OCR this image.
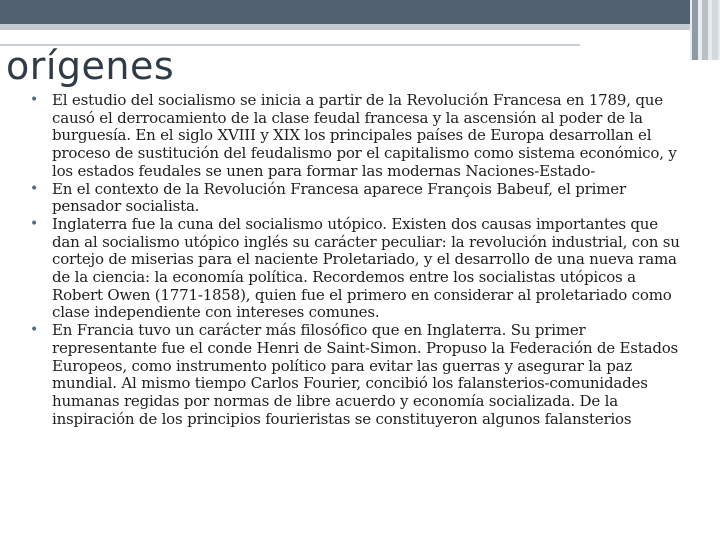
orígenes
• El estudio del socialismo se inicia a partir de la Revolución Francesa en 1789, que causó el derrocamiento de la clase feudal francesa y la ascensión al poder de la burguesía. En el siglo XVIII y XIX los principales países de Europa desarrollan el proceso de sustitución del feudalismo por el capitalismo como sistema económico, y los estados feudales se unen para formar las modernas Naciones-Estado-
• En el contexto de la Revolución Francesa aparece François Babeuf, el primer pensador socialista.
• Inglaterra fue la cuna del socialismo utópico. Existen dos causas importantes que dan al socialismo utópico inglés su carácter peculiar: la revolución industrial, con su cortejo de miserias para el naciente Proletariado, y el desarrollo de una nueva rama de la ciencia: la economía política. Recordemos entre los socialistas utópicos a Robert Owen (1771-1858), quien fue el primero en considerar al proletariado como clase independiente con intereses comunes.
• En Francia tuvo un carácter más filosófico que en Inglaterra. Su primer representante fue el conde Henri de Saint-Simon. Propuso la Federación de Estados Europeos, como instrumento político para evitar las guerras y asegurar la paz mundial. Al mismo tiempo Carlos Fourier, concibió los falansterios-comunidades humanas regidas por normas de libre acuerdo y economía socializada. De la inspiración de los principios fourieristas se constituyeron algunos falansterios
